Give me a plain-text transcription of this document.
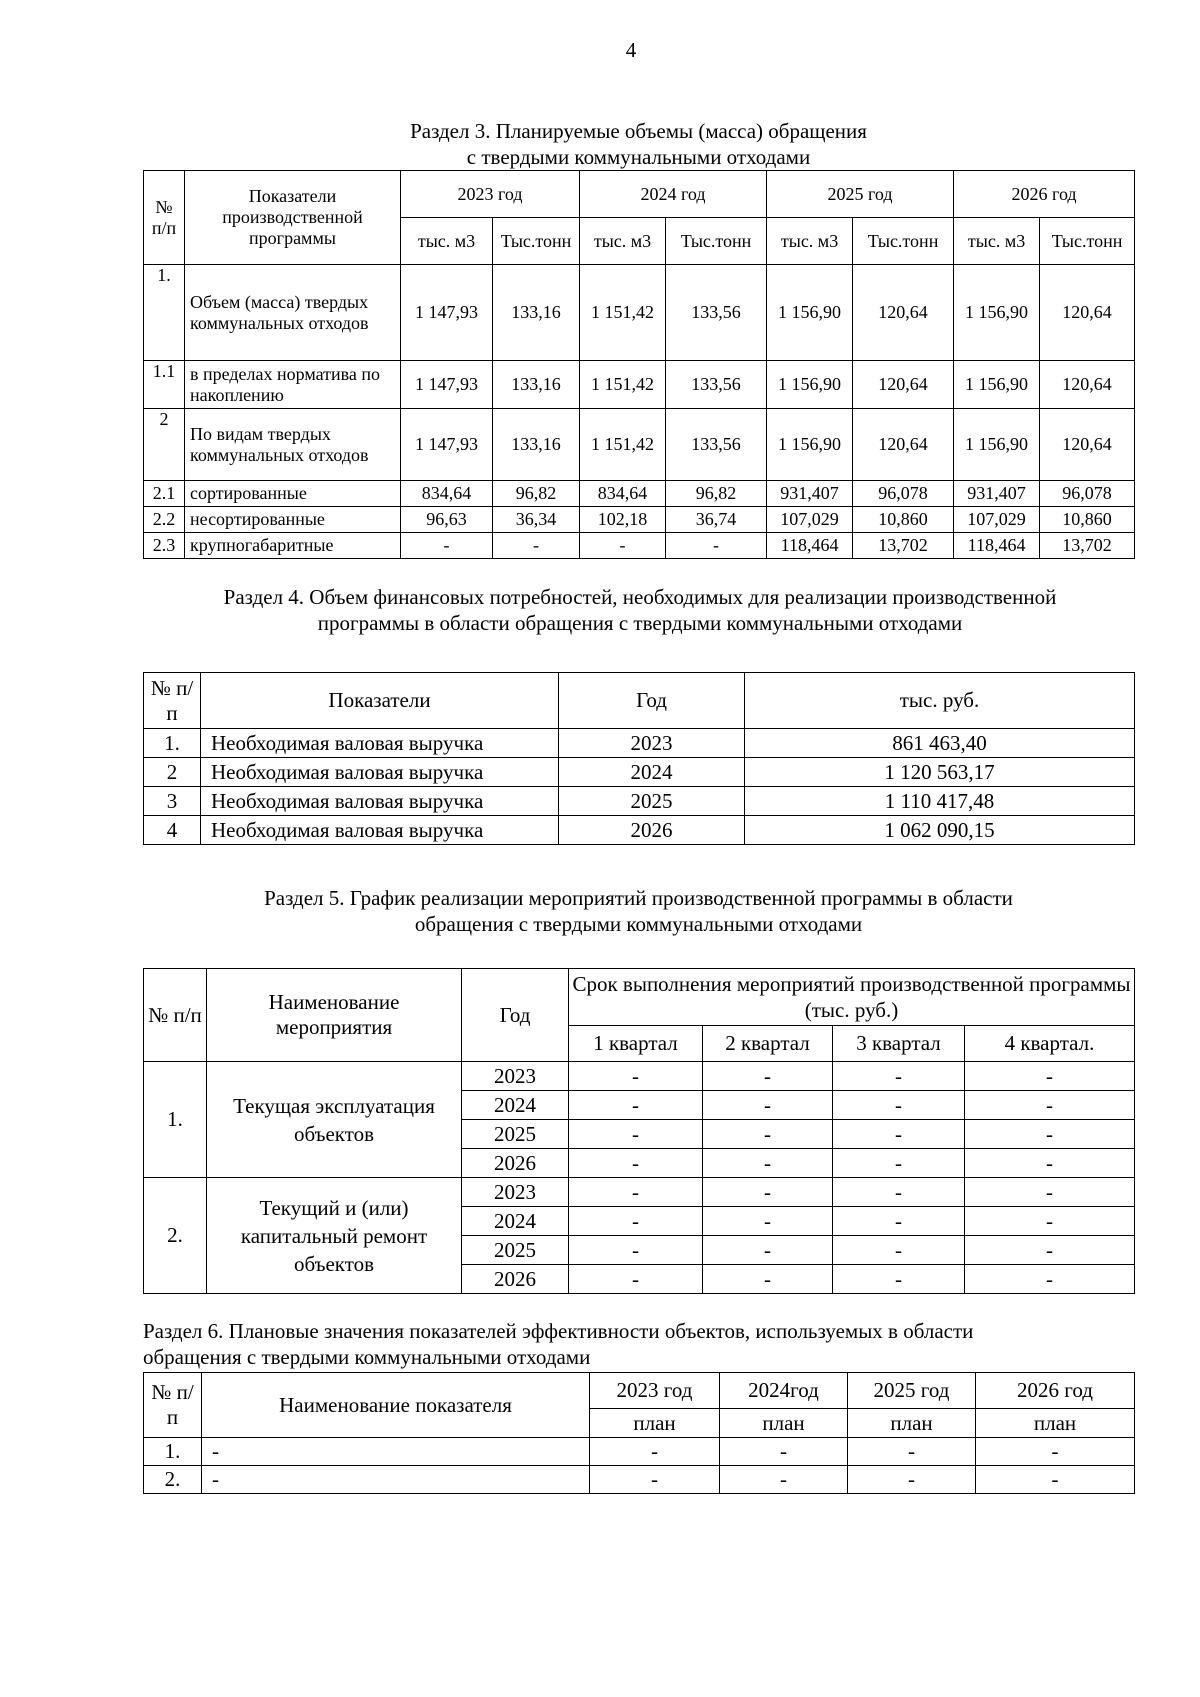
4
Раздел 3. Планируемые объемы (масса) обращения
с твердыми коммунальными отходами
№ п/п	Показатели производственной программы	2023 год		2024 год		2025 год		2026 год	
		тыс. м3	Тыс.тонн	тыс. м3	Тыс.тонн	тыс. м3	Тыс.тонн	тыс. м3	Тыс.тонн
1.	Объем (масса) твердых коммунальных отходов	1 147,93	133,16	1 151,42	133,56	1 156,90	120,64	1 156,90	120,64
1.1	в пределах норматива по накоплению	1 147,93	133,16	1 151,42	133,56	1 156,90	120,64	1 156,90	120,64
2	По видам твердых коммунальных отходов	1 147,93	133,16	1 151,42	133,56	1 156,90	120,64	1 156,90	120,64
2.1	сортированные	834,64	96,82	834,64	96,82	931,407	96,078	931,407	96,078
2.2	несортированные	96,63	36,34	102,18	36,74	107,029	10,860	107,029	10,860
2.3	крупногабаритные	-	-	-	-	118,464	13,702	118,464	13,702
Раздел 4. Объем финансовых потребностей, необходимых для реализации производственной
программы в области обращения с твердыми коммунальными отходами
№ п/п	Показатели	Год	тыс. руб.
1.	Необходимая валовая выручка	2023	861 463,40
2	Необходимая валовая выручка	2024	1 120 563,17
3	Необходимая валовая выручка	2025	1 110 417,48
4	Необходимая валовая выручка	2026	1 062 090,15
Раздел 5. График реализации мероприятий производственной программы в области
обращения с твердыми коммунальными отходами
№ п/п	Наименование мероприятия	Год	Срок выполнения мероприятий производственной программы (тыс. руб.)			
			1 квартал	2 квартал	3 квартал	4 квартал.
1.	Текущая эксплуатация объектов	2023	-	-	-	-
		2024	-	-	-	-
		2025	-	-	-	-
		2026	-	-	-	-
2.	Текущий и (или) капитальный ремонт объектов	2023	-	-	-	-
		2024	-	-	-	-
		2025	-	-	-	-
		2026	-	-	-	-
Раздел 6. Плановые значения показателей эффективности объектов, используемых в области
обращения с твердыми коммунальными отходами
№ п/п	Наименование показателя	2023 год	2024год	2025 год	2026 год
		план	план	план	план
1.	-	-	-	-	-
2.	-	-	-	-	-
